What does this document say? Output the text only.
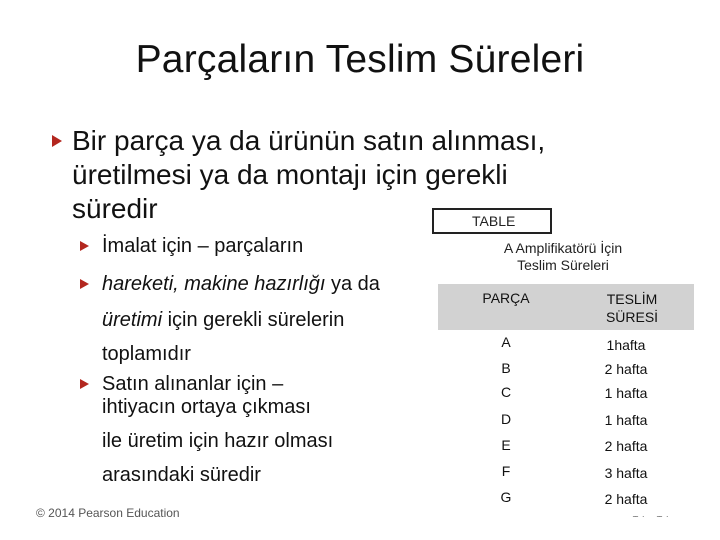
Parçaların Teslim Süreleri
Bir parça ya da ürünün satın alınması,
üretilmesi ya da montajı için gerekli
süredir
İmalat için – parçaların
hareketi, makine hazırlığı ya da
üretimi için gerekli sürelerin
toplamıdır
Satın alınanlar için –
ihtiyacın ortaya çıkması
ile üretim için hazır olması
arasındaki süredir
© 2014 Pearson Education
TABLE
A Amplifikatörü İçin
Teslim Süreleri
PARÇA	TESLİM
SÜRESİ
A	1hafta
B	2 hafta
C	1 hafta
D	1 hafta
E	2 hafta
F	3 hafta
G	2 hafta
